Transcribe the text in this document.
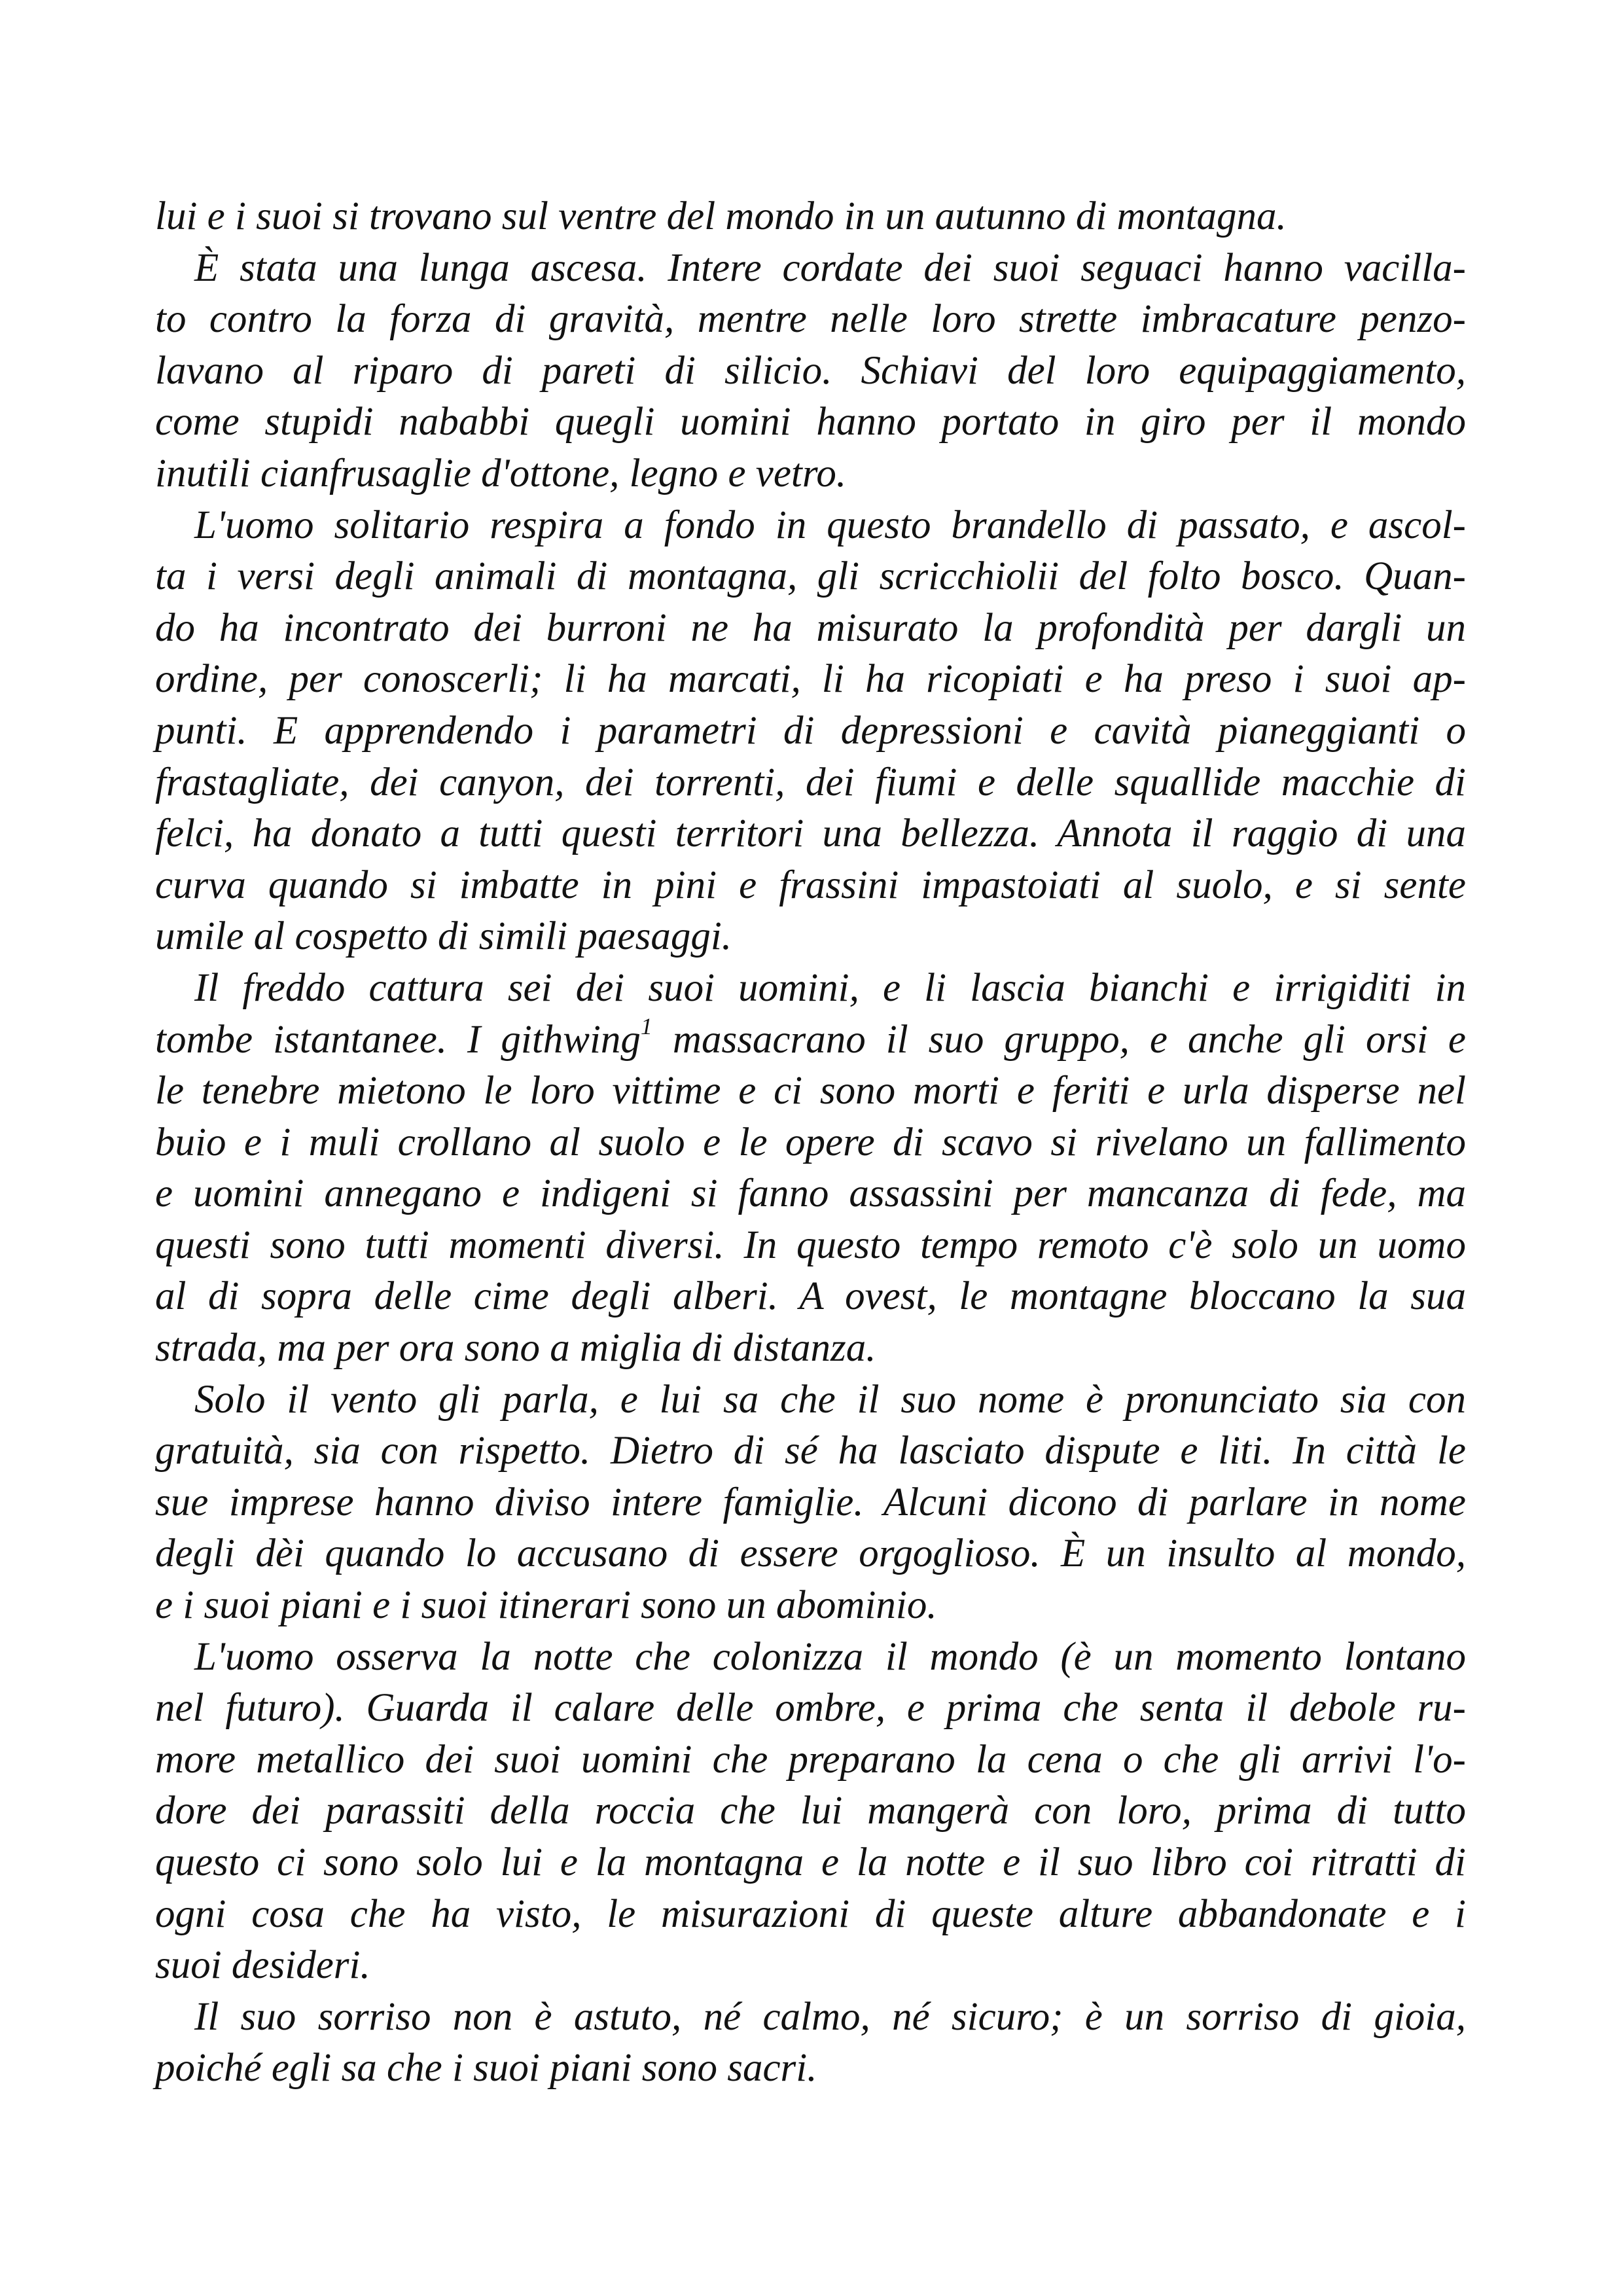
lui e i suoi si trovano sul ventre del mondo in un autunno di montagna.
È stata una lunga ascesa. Intere cordate dei suoi seguaci hanno vacilla-
to contro la forza di gravità, mentre nelle loro strette imbracature penzo-
lavano al riparo di pareti di silicio. Schiavi del loro equipaggiamento,
come stupidi nababbi quegli uomini hanno portato in giro per il mondo
inutili cianfrusaglie d'ottone, legno e vetro.
L'uomo solitario respira a fondo in questo brandello di passato, e ascol-
ta i versi degli animali di montagna, gli scricchiolii del folto bosco. Quan-
do ha incontrato dei burroni ne ha misurato la profondità per dargli un
ordine, per conoscerli; li ha marcati, li ha ricopiati e ha preso i suoi ap-
punti. E apprendendo i parametri di depressioni e cavità pianeggianti o
frastagliate, dei canyon, dei torrenti, dei fiumi e delle squallide macchie di
felci, ha donato a tutti questi territori una bellezza. Annota il raggio di una
curva quando si imbatte in pini e frassini impastoiati al suolo, e si sente
umile al cospetto di simili paesaggi.
Il freddo cattura sei dei suoi uomini, e li lascia bianchi e irrigiditi in
tombe istantanee. I githwing$^1$ massacrano il suo gruppo, e anche gli orsi e
le tenebre mietono le loro vittime e ci sono morti e feriti e urla disperse nel
buio e i muli crollano al suolo e le opere di scavo si rivelano un fallimento
e uomini annegano e indigeni si fanno assassini per mancanza di fede, ma
questi sono tutti momenti diversi. In questo tempo remoto c'è solo un uomo
al di sopra delle cime degli alberi. A ovest, le montagne bloccano la sua
strada, ma per ora sono a miglia di distanza.
Solo il vento gli parla, e lui sa che il suo nome è pronunciato sia con
gratuità, sia con rispetto. Dietro di sé ha lasciato dispute e liti. In città le
sue imprese hanno diviso intere famiglie. Alcuni dicono di parlare in nome
degli dèi quando lo accusano di essere orgoglioso. È un insulto al mondo,
e i suoi piani e i suoi itinerari sono un abominio.
L'uomo osserva la notte che colonizza il mondo (è un momento lontano
nel futuro). Guarda il calare delle ombre, e prima che senta il debole ru-
more metallico dei suoi uomini che preparano la cena o che gli arrivi l'o-
dore dei parassiti della roccia che lui mangerà con loro, prima di tutto
questo ci sono solo lui e la montagna e la notte e il suo libro coi ritratti di
ogni cosa che ha visto, le misurazioni di queste alture abbandonate e i
suoi desideri.
Il suo sorriso non è astuto, né calmo, né sicuro; è un sorriso di gioia,
poiché egli sa che i suoi piani sono sacri.
